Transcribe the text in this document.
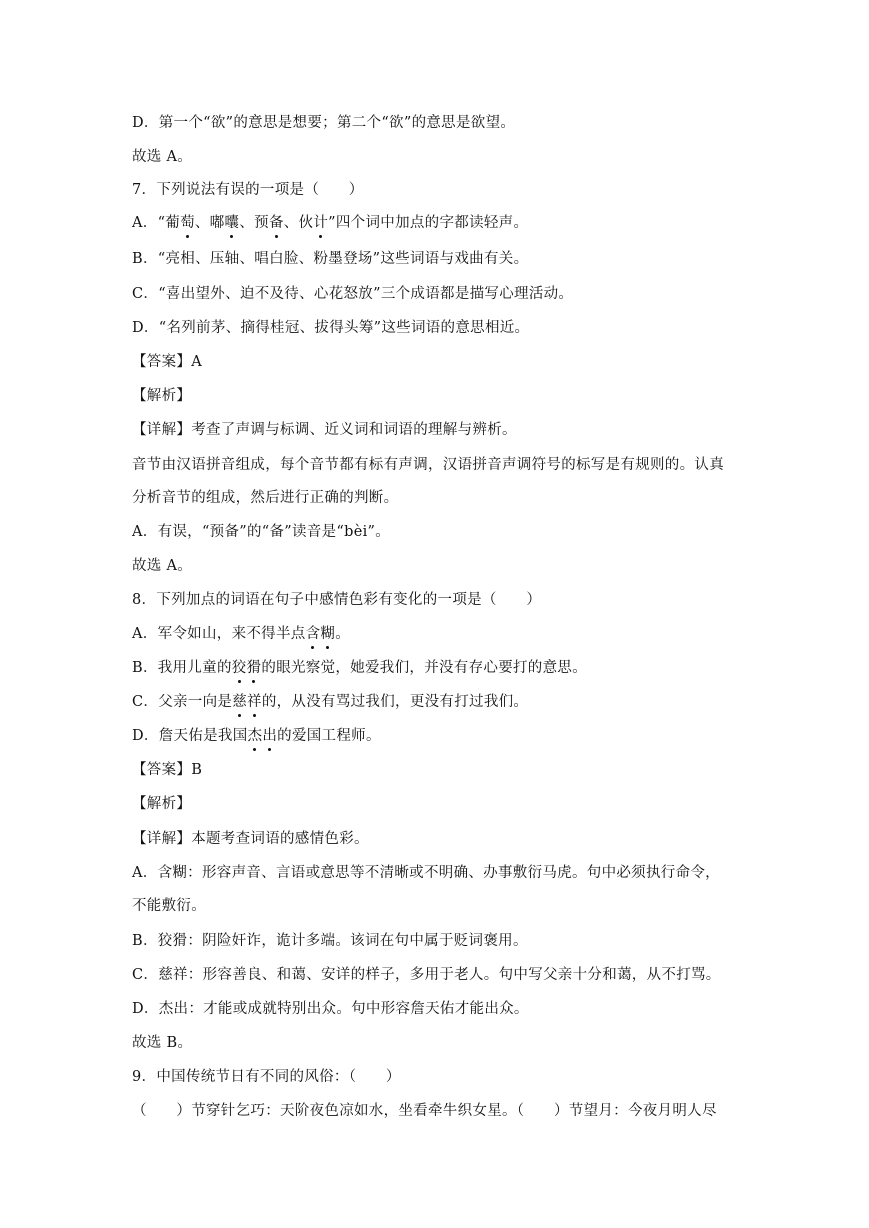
D．第一个“欲”的意思是想要；第二个“欲”的意思是欲望。
故选 A。
7．下列说法有误的一项是（　　）
A．“葡萄、嘟囔、预备、伙计”四个词中加点的字都读轻声。
B．“亮相、压轴、唱白脸、粉墨登场”这些词语与戏曲有关。
C．“喜出望外、迫不及待、心花怒放”三个成语都是描写心理活动。
D．“名列前茅、摘得桂冠、拔得头筹”这些词语的意思相近。
【答案】A
【解析】
【详解】考查了声调与标调、近义词和词语的理解与辨析。
音节由汉语拼音组成，每个音节都有标有声调，汉语拼音声调符号的标写是有规则的。认真
分析音节的组成，然后进行正确的判断。
A．有误，“预备”的“备”读音是“bèi”。
故选 A。
8．下列加点的词语在句子中感情色彩有变化的一项是（　　）
A．军令如山，来不得半点含糊。
B．我用儿童的狡猾的眼光察觉，她爱我们，并没有存心要打的意思。
C．父亲一向是慈祥的，从没有骂过我们，更没有打过我们。
D．詹天佑是我国杰出的爱国工程师。
【答案】B
【解析】
【详解】本题考查词语的感情色彩。
A．含糊：形容声音、言语或意思等不清晰或不明确、办事敷衍马虎。句中必须执行命令，
不能敷衍。
B．狡猾：阴险奸诈，诡计多端。该词在句中属于贬词褒用。
C．慈祥：形容善良、和蔼、安详的样子，多用于老人。句中写父亲十分和蔼，从不打骂。
D．杰出：才能或成就特别出众。句中形容詹天佑才能出众。
故选 B。
9．中国传统节日有不同的风俗：（　　）
（　　）节穿针乞巧：天阶夜色凉如水，坐看牵牛织女星。（　　）节望月：今夜月明人尽
